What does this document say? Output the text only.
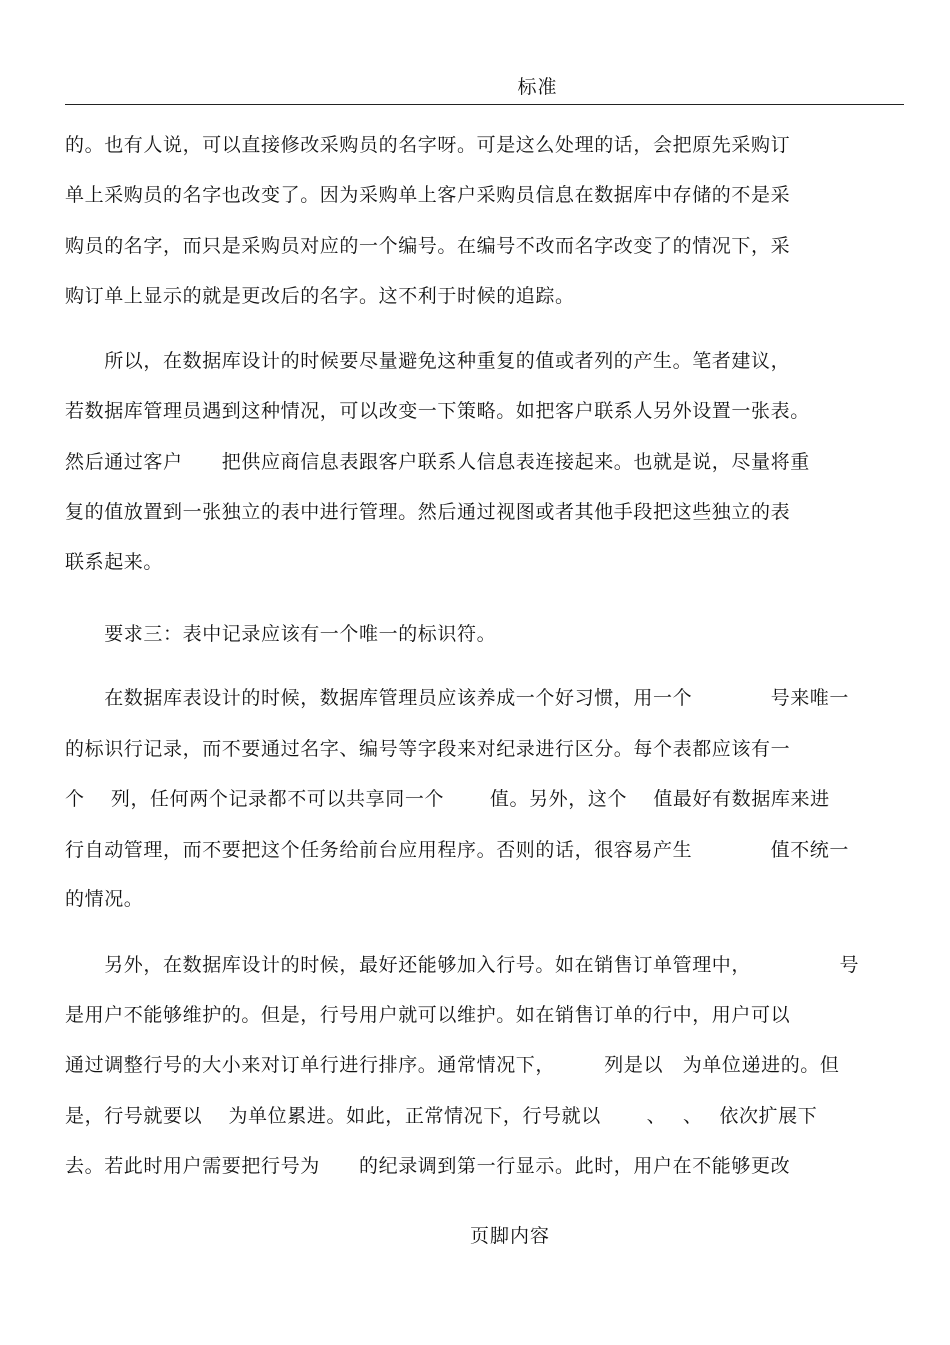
标准
的。也有人说，可以直接修改采购员的名字呀。可是这么处理的话，会把原先采购订
单上采购员的名字也改变了。因为采购单上客户采购员信息在数据库中存储的不是采
购员的名字，而只是采购员对应的一个编号。在编号不改而名字改变了的情况下，采
购订单上显示的就是更改后的名字。这不利于时候的追踪。
　　所以，在数据库设计的时候要尽量避免这种重复的值或者列的产生。笔者建议，
若数据库管理员遇到这种情况，可以改变一下策略。如把客户联系人另外设置一张表。
然后通过客户　　把供应商信息表跟客户联系人信息表连接起来。也就是说，尽量将重
复的值放置到一张独立的表中进行管理。然后通过视图或者其他手段把这些独立的表
联系起来。
　　要求三：表中记录应该有一个唯一的标识符。
　　在数据库表设计的时候，数据库管理员应该养成一个好习惯，用一个　　　　号来唯一
的标识行记录，而不要通过名字、编号等字段来对纪录进行区分。每个表都应该有一
个　 列，任何两个记录都不可以共享同一个　　 值。另外，这个　 值最好有数据库来进
行自动管理，而不要把这个任务给前台应用程序。否则的话，很容易产生　　　　值不统一
的情况。
　　另外，在数据库设计的时候，最好还能够加入行号。如在销售订单管理中，　　　　　号
是用户不能够维护的。但是，行号用户就可以维护。如在销售订单的行中，用户可以
通过调整行号的大小来对订单行进行排序。通常情况下，　　　列是以　为单位递进的。但
是，行号就要以　 为单位累进。如此，正常情况下，行号就以　　 、　 、　 依次扩展下
去。若此时用户需要把行号为　　的纪录调到第一行显示。此时，用户在不能够更改
页脚内容
